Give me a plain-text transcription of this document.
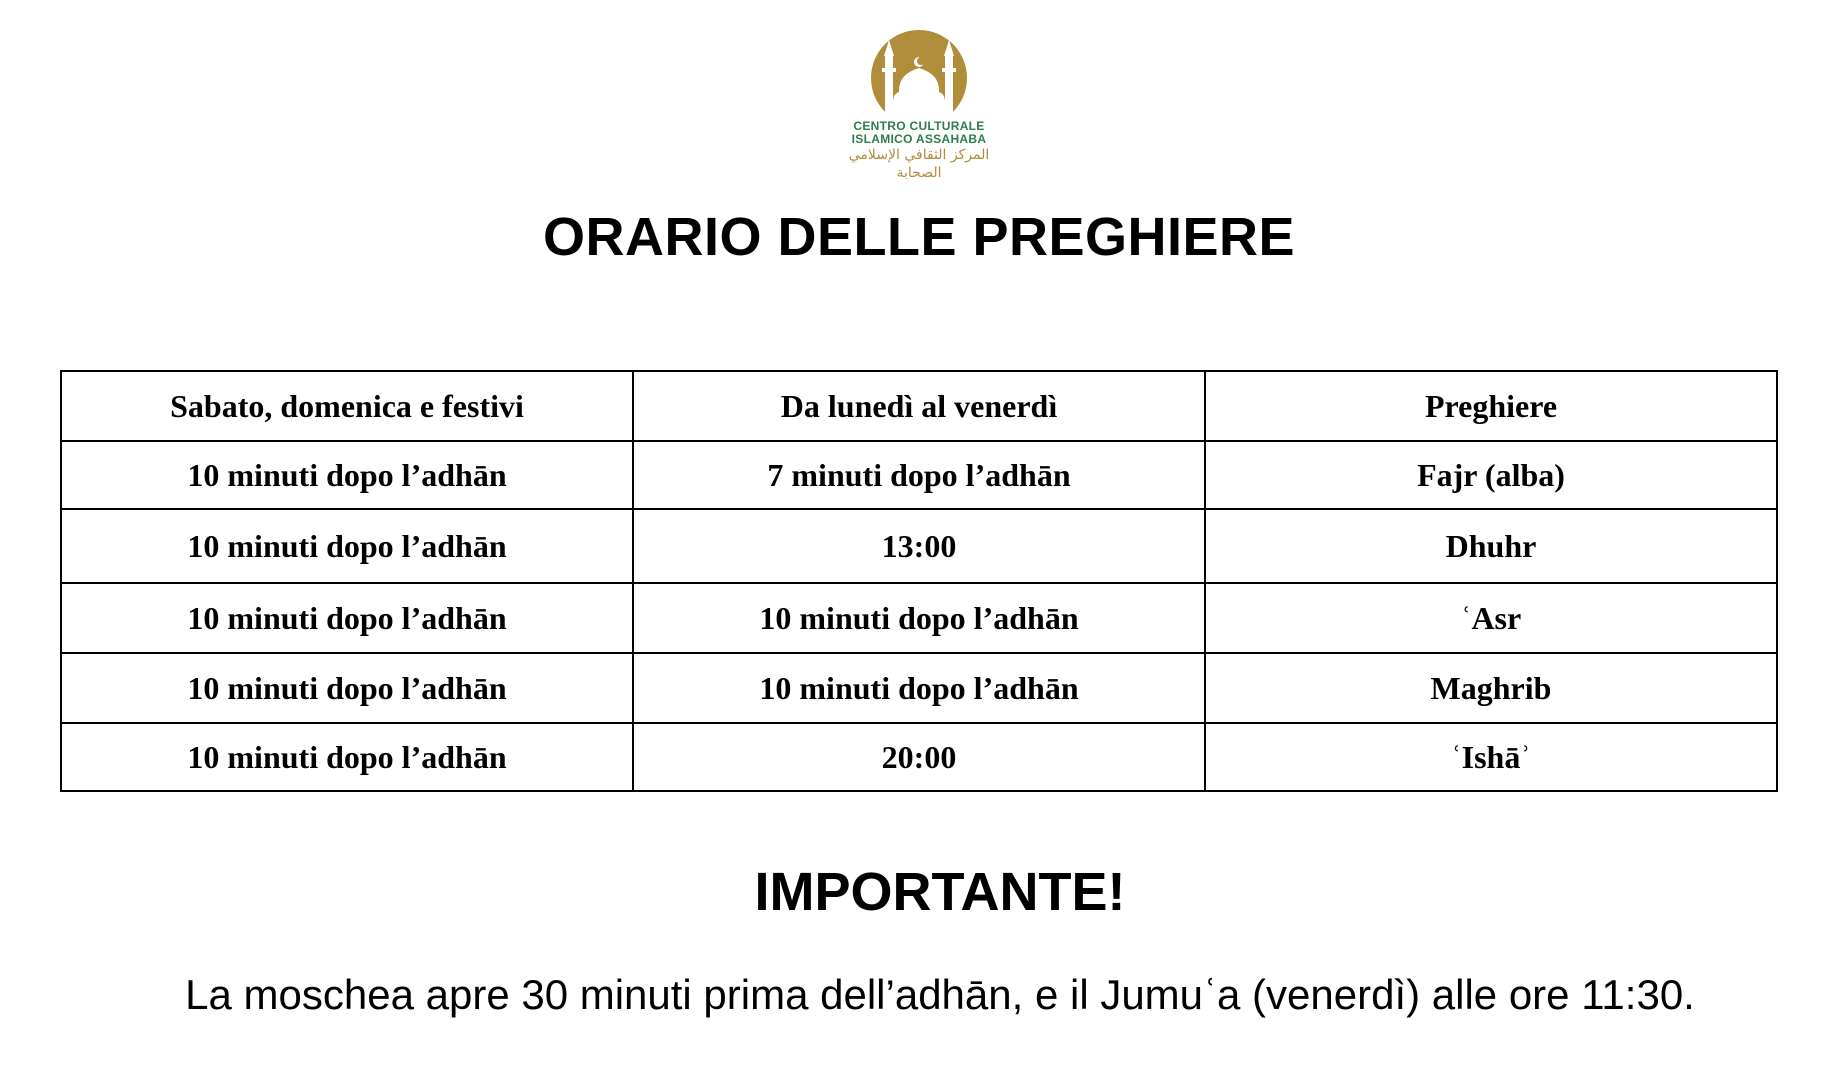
CENTRO CULTURALE
ISLAMICO ASSAHABA
المركز الثقافي الإسلامي
الصحابة
ORARIO DELLE PREGHIERE
Sabato, domenica e festivi	Da lunedì al venerdì	Preghiere
10 minuti dopo l’adhān	7 minuti dopo l’adhān	Fajr (alba)
10 minuti dopo l’adhān	13:00	Dhuhr
10 minuti dopo l’adhān	10 minuti dopo l’adhān	ʿAsr
10 minuti dopo l’adhān	10 minuti dopo l’adhān	Maghrib
10 minuti dopo l’adhān	20:00	ʿIshāʾ
IMPORTANTE!
La moschea apre 30 minuti prima dell’adhān, e il Jumuʿa (venerdì) alle ore 11:30.
